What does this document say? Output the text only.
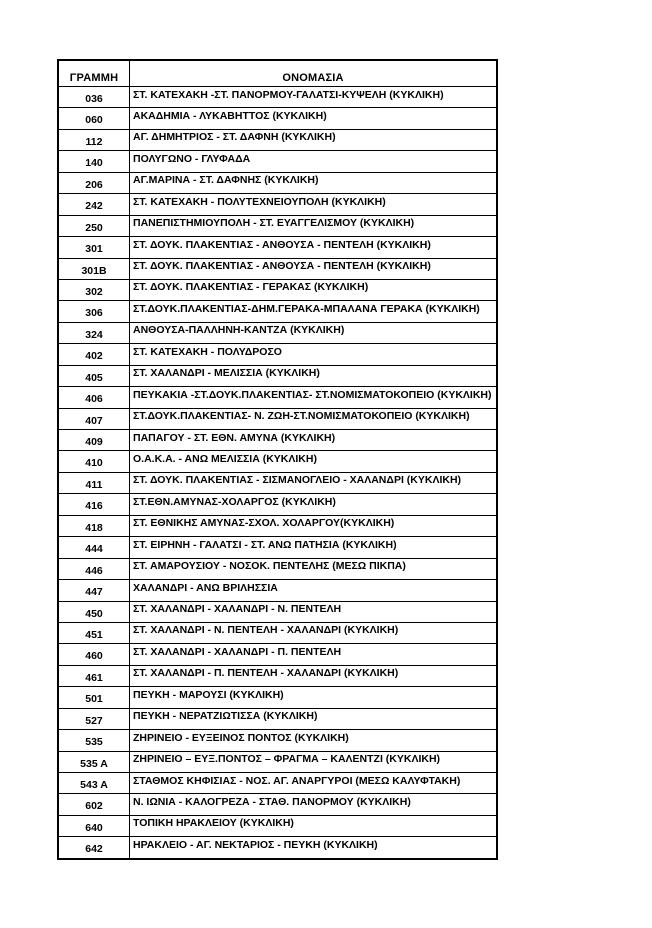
ΓΡΑΜΜΗ	ΟΝΟΜΑΣΙΑ
036	ΣΤ. ΚΑΤΕΧΑΚΗ -ΣΤ. ΠΑΝΟΡΜΟΥ-ΓΑΛΑΤΣΙ-ΚΥΨΕΛΗ (ΚΥΚΛΙΚΗ)
060	ΑΚΑΔΗΜΙΑ - ΛΥΚΑΒΗΤΤΟΣ (ΚΥΚΛΙΚΗ)
112	ΑΓ. ΔΗΜΗΤΡΙΟΣ - ΣΤ. ΔΑΦΝΗ (ΚΥΚΛΙΚΗ)
140	ΠΟΛΥΓΩΝΟ - ΓΛΥΦΑΔΑ
206	ΑΓ.ΜΑΡΙΝΑ - ΣΤ. ΔΑΦΝΗΣ (ΚΥΚΛΙΚΗ)
242	ΣΤ. ΚΑΤΕΧΑΚΗ - ΠΟΛΥΤΕΧΝΕΙΟΥΠΟΛΗ (ΚΥΚΛΙΚΗ)
250	ΠΑΝΕΠΙΣΤΗΜΙΟΥΠΟΛΗ - ΣΤ. ΕΥΑΓΓΕΛΙΣΜΟΥ (ΚΥΚΛΙΚΗ)
301	ΣΤ. ΔΟΥΚ. ΠΛΑΚΕΝΤΙΑΣ - ΑΝΘΟΥΣΑ - ΠΕΝΤΕΛΗ (ΚΥΚΛΙΚΗ)
301Β	ΣΤ. ΔΟΥΚ. ΠΛΑΚΕΝΤΙΑΣ - ΑΝΘΟΥΣΑ - ΠΕΝΤΕΛΗ (ΚΥΚΛΙΚΗ)
302	ΣΤ. ΔΟΥΚ. ΠΛΑΚΕΝΤΙΑΣ - ΓΕΡΑΚΑΣ (ΚΥΚΛΙΚΗ)
306	ΣΤ.ΔΟΥΚ.ΠΛΑΚΕΝΤΙΑΣ-ΔΗΜ.ΓΕΡΑΚΑ-ΜΠΑΛΑΝΑ ΓΕΡΑΚΑ (ΚΥΚΛΙΚΗ)
324	ΑΝΘΟΥΣΑ-ΠΑΛΛΗΝΗ-ΚΑΝΤΖΑ (ΚΥΚΛΙΚΗ)
402	ΣΤ. ΚΑΤΕΧΑΚΗ - ΠΟΛΥΔΡΟΣΟ
405	ΣΤ. ΧΑΛΑΝΔΡΙ - ΜΕΛΙΣΣΙΑ (ΚΥΚΛΙΚΗ)
406	ΠΕΥΚΑΚΙΑ -ΣΤ.ΔΟΥΚ.ΠΛΑΚΕΝΤΙΑΣ- ΣΤ.ΝΟΜΙΣΜΑΤΟΚΟΠΕΙΟ (ΚΥΚΛΙΚΗ)
407	ΣΤ.ΔΟΥΚ.ΠΛΑΚΕΝΤΙΑΣ- Ν. ΖΩΗ-ΣΤ.ΝΟΜΙΣΜΑΤΟΚΟΠΕΙΟ (ΚΥΚΛΙΚΗ)
409	ΠΑΠΑΓΟΥ - ΣΤ. ΕΘΝ. ΑΜΥΝΑ (ΚΥΚΛΙΚΗ)
410	Ο.Α.Κ.Α. - ΑΝΩ ΜΕΛΙΣΣΙΑ (ΚΥΚΛΙΚΗ)
411	ΣΤ. ΔΟΥΚ. ΠΛΑΚΕΝΤΙΑΣ - ΣΙΣΜΑΝΟΓΛΕΙΟ - ΧΑΛΑΝΔΡΙ (ΚΥΚΛΙΚΗ)
416	ΣΤ.ΕΘΝ.ΑΜΥΝΑΣ-ΧΟΛΑΡΓΟΣ (ΚΥΚΛΙΚΗ)
418	ΣΤ. ΕΘΝΙΚΗΣ ΑΜΥΝΑΣ-ΣΧΟΛ. ΧΟΛΑΡΓΟΥ(ΚΥΚΛΙΚΗ)
444	ΣΤ. ΕΙΡΗΝΗ - ΓΑΛΑΤΣΙ - ΣΤ. ΑΝΩ ΠΑΤΗΣΙΑ (ΚΥΚΛΙΚΗ)
446	ΣΤ. ΑΜΑΡΟΥΣΙΟΥ - ΝΟΣΟΚ. ΠΕΝΤΕΛΗΣ (ΜΕΣΩ ΠΙΚΠΑ)
447	ΧΑΛΑΝΔΡΙ - ΑΝΩ ΒΡΙΛΗΣΣΙΑ
450	ΣΤ. ΧΑΛΑΝΔΡΙ - ΧΑΛΑΝΔΡΙ - Ν. ΠΕΝΤΕΛΗ
451	ΣΤ. ΧΑΛΑΝΔΡΙ - Ν. ΠΕΝΤΕΛΗ - ΧΑΛΑΝΔΡΙ (ΚΥΚΛΙΚΗ)
460	ΣΤ. ΧΑΛΑΝΔΡΙ - ΧΑΛΑΝΔΡΙ - Π. ΠΕΝΤΕΛΗ
461	ΣΤ. ΧΑΛΑΝΔΡΙ - Π. ΠΕΝΤΕΛΗ - ΧΑΛΑΝΔΡΙ (ΚΥΚΛΙΚΗ)
501	ΠΕΥΚΗ - ΜΑΡΟΥΣΙ (ΚΥΚΛΙΚΗ)
527	ΠΕΥΚΗ - ΝΕΡΑΤΖΙΩΤΙΣΣΑ (ΚΥΚΛΙΚΗ)
535	ΖΗΡΙΝΕΙΟ - ΕΥΞΕΙΝΟΣ ΠΟΝΤΟΣ (ΚΥΚΛΙΚΗ)
535 Α	ΖΗΡΙΝΕΙΟ – ΕΥΞ.ΠΟΝΤΟΣ – ΦΡΑΓΜΑ – ΚΑΛΕΝΤΖΙ (ΚΥΚΛΙΚΗ)
543 Α	ΣΤΑΘΜΟΣ ΚΗΦΙΣΙΑΣ - ΝΟΣ. ΑΓ. ΑΝΑΡΓΥΡΟΙ (ΜΕΣΩ ΚΑΛΥΦΤΑΚΗ)
602	Ν. ΙΩΝΙΑ - ΚΑΛΟΓΡΕΖΑ - ΣΤΑΘ. ΠΑΝΟΡΜΟΥ (ΚΥΚΛΙΚΗ)
640	ΤΟΠΙΚΗ ΗΡΑΚΛΕΙΟΥ (ΚΥΚΛΙΚΗ)
642	ΗΡΑΚΛΕΙΟ - ΑΓ. ΝΕΚΤΑΡΙΟΣ - ΠΕΥΚΗ (ΚΥΚΛΙΚΗ)
